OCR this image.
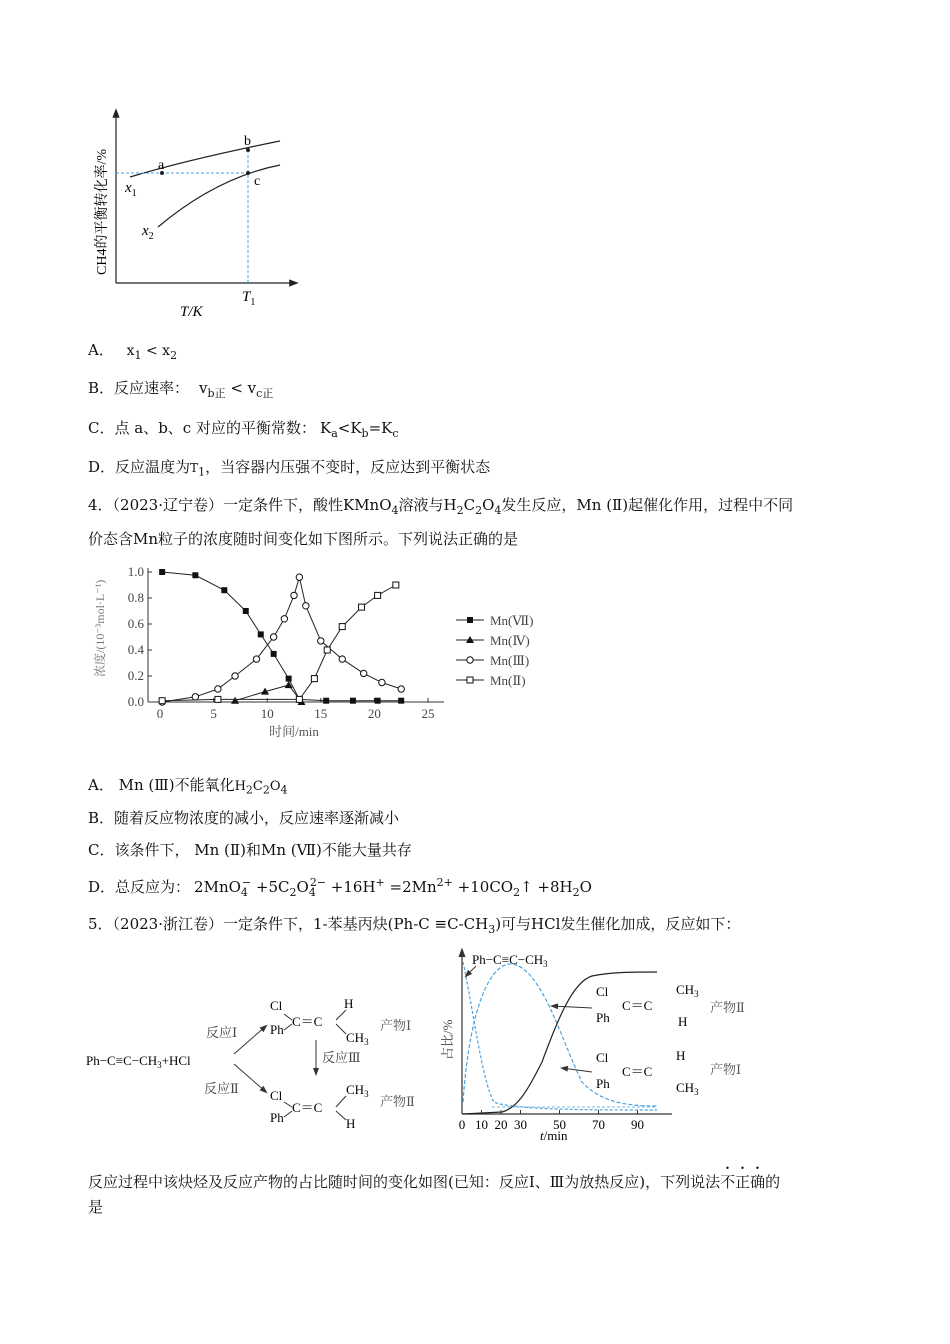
a
b
c
$x_1$
$x_2$
$T_1$
T/K
CH4的平衡转化率/%
A． $x_1 < x_2$
B．反应速率： $v_{b正} < v_{c正}$
C．点 a、b、c 对应的平衡常数： $K_a<K_b=K_c$
D．反应温度为$T_1$，当容器内压强不变时，反应达到平衡状态
4．（2023·辽宁卷）一定条件下，酸性KMnO$_4$溶液与$H_2C_2O_4$发生反应，Mn (Ⅱ)起催化作用，过程中不同
价态含Mn粒子的浓度随时间变化如下图所示。下列说法正确的是
0	5	10	15	20	25
0.0
0.2
0.4
0.6
0.8
1.0
时间/min
浓度/(10⁻³mol·L⁻¹)	Mn(Ⅶ)
Mn(Ⅳ)
Mn(Ⅲ)
Mn(Ⅱ)
A． Mn (Ⅲ)不能氧化$H_2C_2O_4$
B．随着反应物浓度的减小，反应速率逐渐减小
C．该条件下， Mn (Ⅱ)和Mn (Ⅶ)不能大量共存
D．总反应为： $2MnO_4^- +5C_2O_4^{2-} +16H^+ =2Mn^{2+}$ $+10CO_2↑ +8H_2O$
5．（2023·浙江卷）一定条件下，1-苯基丙炔$(Ph-C \equiv C-CH_3)$可与HCl发生催化加成，反应如下：
$Ph-C\equiv C-CH_3+HCl$
反应Ⅰ
反应Ⅱ
Cl
Ph
C＝C
H
$CH_3$
产物Ⅰ
反应Ⅲ
Cl
Ph
C＝C
$CH_3$
H
产物Ⅱ
占比/%
0 10 20 30 50 70 90
t/min
$Ph-C\equiv C-CH_3$
Cl
Ph
C＝C
$CH_3$
H
产物Ⅱ
Cl
Ph
C＝C
H
$CH_3$
产物Ⅰ
反应过程中该炔烃及反应产物的占比随时间的变化如图(已知：反应Ⅰ、Ⅲ为放热反应)，下列说法不正确的
是
